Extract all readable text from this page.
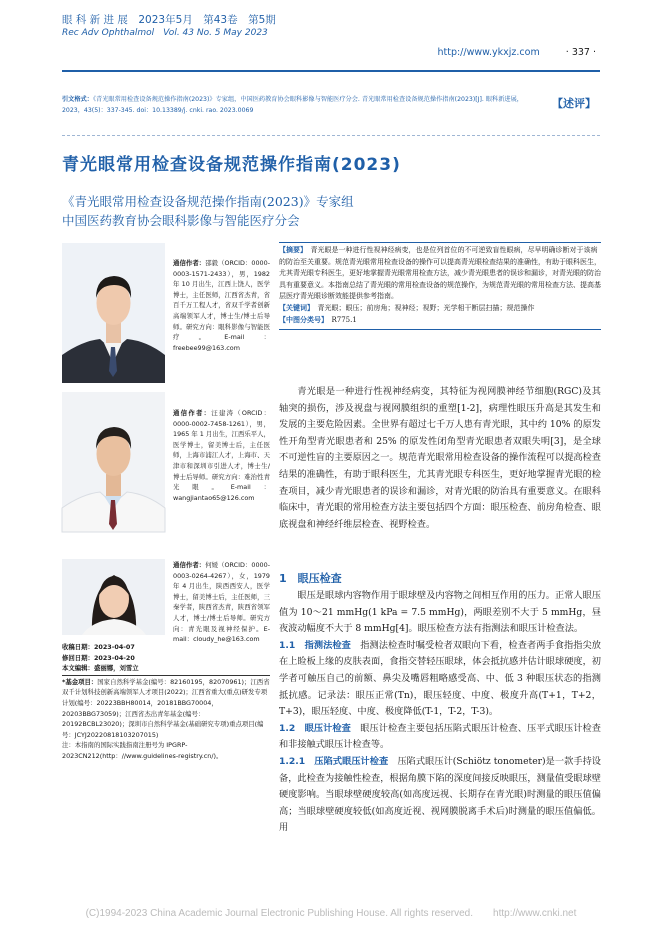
眼 科 新 进 展　2023年5月　第43卷　第5期
Rec Adv Ophthalmol　Vol. 43 No. 5 May 2023
http://www.ykxjz.com	· 337 ·
引文格式：《青光眼常用检查设备规范操作指南(2023)》专家组，中国医药教育协会眼科影像与智能医疗分会. 青光眼常用检查设备规范操作指南(2023)[J]. 眼科新进展，2023，43(5)：337-345. doi：10.13389/j. cnki. rao. 2023.0069
【述评】
青光眼常用检查设备规范操作指南(2023)
《青光眼常用检查设备规范操作指南(2023)》专家组
中国医药教育协会眼科影像与智能医疗分会
通信作者：邵毅（ORCID：0000-0003-1571-2433），男，1982 年 10 月出生，江西上饶人，医学博士，主任医师，江西省杰青，省百千万工程人才，省双千学者创新高端领军人才，博士生/博士后导师。研究方向：眼科影像与智能医疗。E-mail：freebee99@163.com
通信作者：汪建涛（ORCID：0000-0002-7458-1261），男，1965 年 1 月出生，江西乐平人，医学博士，留美博士后，主任医师，上海市浦江人才，上海市、天津市和深圳市引进人才，博士生/博士后导师。研究方向：难治性青光眼。E-mail：wangjiantao65@126.com
通信作者：何媛（ORCID：0000-0003-0264-4267），女，1979 年 4 月出生，陕西西安人，医学博士，留美博士后，主任医师，三秦学者，陕西省杰青，陕西省领军人才，博士/博士后导师。研究方向：青光眼及视神经保护。E-mail：cloudy_he@163.com
收稿日期：2023-04-07
修回日期：2023-04-20
本文编辑：盛丽娜，刘雪立
*基金项目：国家自然科学基金(编号：82160195，82070961)；江西省双千计划科技创新高端领军人才项目(2022)；江西省重大(重点)研发专项计划(编号：20223BBH80014，20181BBG70004，20203BBG73059)；江西省杰出青年基金(编号：20192BCBL23020)；深圳市自然科学基金(基础研究专项)重点项目(编号：JCYJ20220818103207015)
注：本指南的国际实践指南注册号为 IPGRP-2023CN212(http：//www.guidelines-registry.cn/)。
【摘要】　青光眼是一种进行性视神经病变，也是位列首位的不可逆致盲性眼病，尽早明确诊断对于该病的防治至关重要。规范青光眼常用检查设备的操作可以提高青光眼检查结果的准确性，有助于眼科医生，尤其青光眼专科医生，更好地掌握青光眼常用检查方法，减少青光眼患者的误诊和漏诊，对青光眼的防治具有重要意义。本指南总结了青光眼的常用检查设备的规范操作，为规范青光眼的常用检查方法、提高基层医疗青光眼诊断效能提供参考指南。
【关键词】　青光眼；眼压；前房角；视神经；视野；光学相干断层扫描；规范操作
【中图分类号】　R775.1

青光眼是一种进行性视神经病变，其特征为视网膜神经节细胞(RGC)及其轴突的损伤，涉及视盘与视网膜组织的重塑[1-2]，病理性眼压升高是其发生和发展的主要危险因素。全世界有超过七千万人患有青光眼，其中约 10% 的原发性开角型青光眼患者和 25% 的原发性闭角型青光眼患者双眼失明[3]，是全球不可逆性盲的主要原因之一。规范青光眼常用检查设备的操作流程可以提高检查结果的准确性，有助于眼科医生，尤其青光眼专科医生，更好地掌握青光眼的检查项目，减少青光眼患者的误诊和漏诊，对青光眼的防治具有重要意义。在眼科临床中，青光眼的常用检查方法主要包括四个方面：眼压检查、前房角检查、眼底视盘和神经纤维层检查、视野检查。

1　眼压检查

眼压是眼球内容物作用于眼球壁及内容物之间相互作用的压力。正常人眼压值为 10～21 mmHg(1 kPa = 7.5 mmHg)，两眼差别不大于 5 mmHg，昼夜波动幅度不大于 8 mmHg[4]。眼压检查方法有指测法和眼压计检查法。

1.1　指测法检查　指测法检查时嘱受检者双眼向下看，检查者两手食指指尖放在上睑板上缘的皮肤表面，食指交替轻压眼球，体会抵抗感并估计眼球硬度，初学者可触压自己的前额、鼻尖及嘴唇粗略感受高、中、低 3 种眼压状态的指测抵抗感。记录法：眼压正常(Tn)，眼压轻度、中度、极度升高(T+1，T+2，T+3)，眼压轻度、中度、极度降低(T-1，T-2，T-3)。

1.2　眼压计检查　眼压计检查主要包括压陷式眼压计检查、压平式眼压计检查和非接触式眼压计检查等。

1.2.1　压陷式眼压计检查　压陷式眼压计(Schiötz tonometer)是一款手持设备，此检查为接触性检查，根据角膜下陷的深度间接反映眼压，测量值受眼球壁硬度影响。当眼球壁硬度较高(如高度远视、长期存在青光眼)时测量的眼压值偏高；当眼球壁硬度较低(如高度近视、视网膜脱离手术后)时测量的眼压值偏低。用

(C)1994-2023 China Academic Journal Electronic Publishing House. All rights reserved.　　http://www.cnki.net
